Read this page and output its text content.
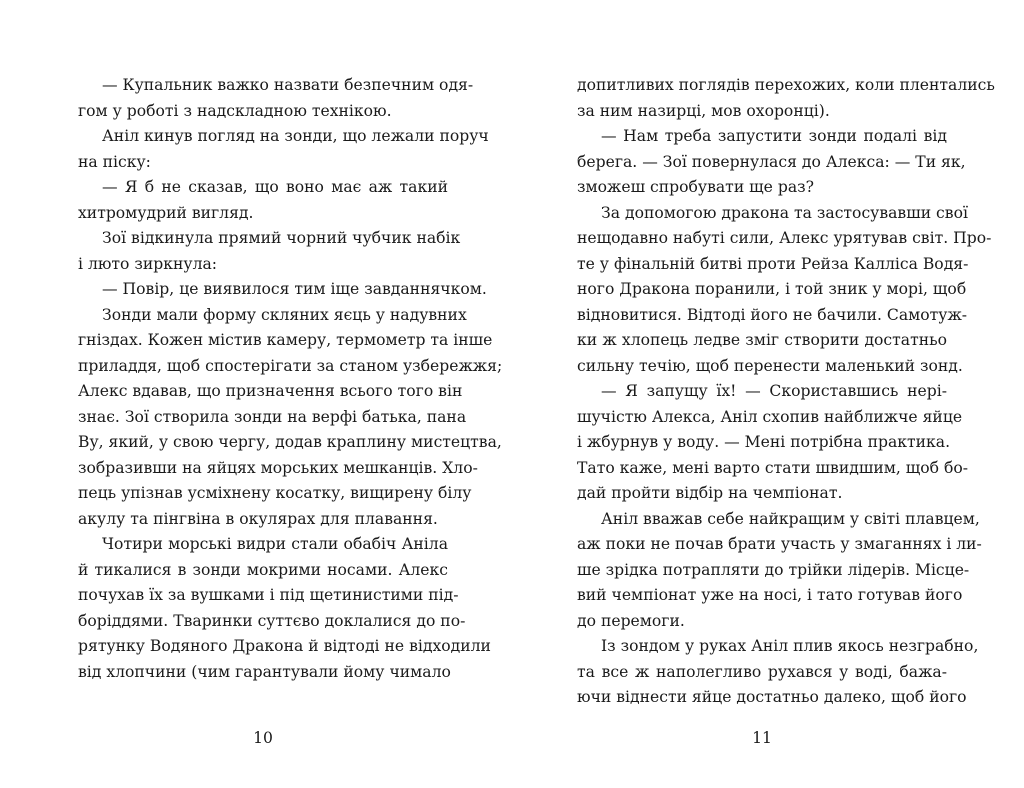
— Купальник важко назвати безпечним одя-
гом у роботі з надскладною технікою.
Аніл кинув погляд на зонди, що лежали поруч
на піску:
— Я б не сказав, що воно має аж такий
хитромудрий вигляд.
Зої відкинула прямий чорний чубчик набік
і люто зиркнула:
— Повір, це виявилося тим іще завданнячком.
Зонди мали форму скляних яєць у надувних
гніздах. Кожен містив камеру, термометр та інше
приладдя, щоб спостерігати за станом узбережжя;
Алекс вдавав, що призначення всього того він
знає. Зої створила зонди на верфі батька, пана
Ву, який, у свою чергу, додав краплину мистецтва,
зобразивши на яйцях морських мешканців. Хло-
пець упізнав усміхнену косатку, вищирену білу
акулу та пінгвіна в окулярах для плавання.
Чотири морські видри стали обабіч Аніла
й тикалися в зонди мокрими носами. Алекс
почухав їх за вушками і під щетинистими під-
боріддями. Тваринки суттєво доклалися до по-
рятунку Водяного Дракона й відтоді не відходили
від хлопчини (чим гарантували йому чимало
допитливих поглядів перехожих, коли плентались
за ним назирці, мов охоронці).
— Нам треба запустити зонди подалі від
берега. — Зої повернулася до Алекса: — Ти як,
зможеш спробувати ще раз?
За допомогою дракона та застосувавши свої
нещодавно набуті сили, Алекс урятував світ. Про-
те у фінальній битві проти Рейза Калліса Водя-
ного Дракона поранили, і той зник у морі, щоб
відновитися. Відтоді його не бачили. Самотуж-
ки ж хлопець ледве зміг створити достатньо
сильну течію, щоб перенести маленький зонд.
— Я запущу їх! — Скориставшись нері-
шучістю Алекса, Аніл схопив найближче яйце
і жбурнув у воду. — Мені потрібна практика.
Тато каже, мені варто стати швидшим, щоб бо-
дай пройти відбір на чемпіонат.
Аніл вважав себе найкращим у світі плавцем,
аж поки не почав брати участь у змаганнях і ли-
ше зрідка потрапляти до трійки лідерів. Місце-
вий чемпіонат уже на носі, і тато готував його
до перемоги.
Із зондом у руках Аніл плив якось незграбно,
та все ж наполегливо рухався у воді, бажа-
ючи віднести яйце достатньо далеко, щоб його
10	11
